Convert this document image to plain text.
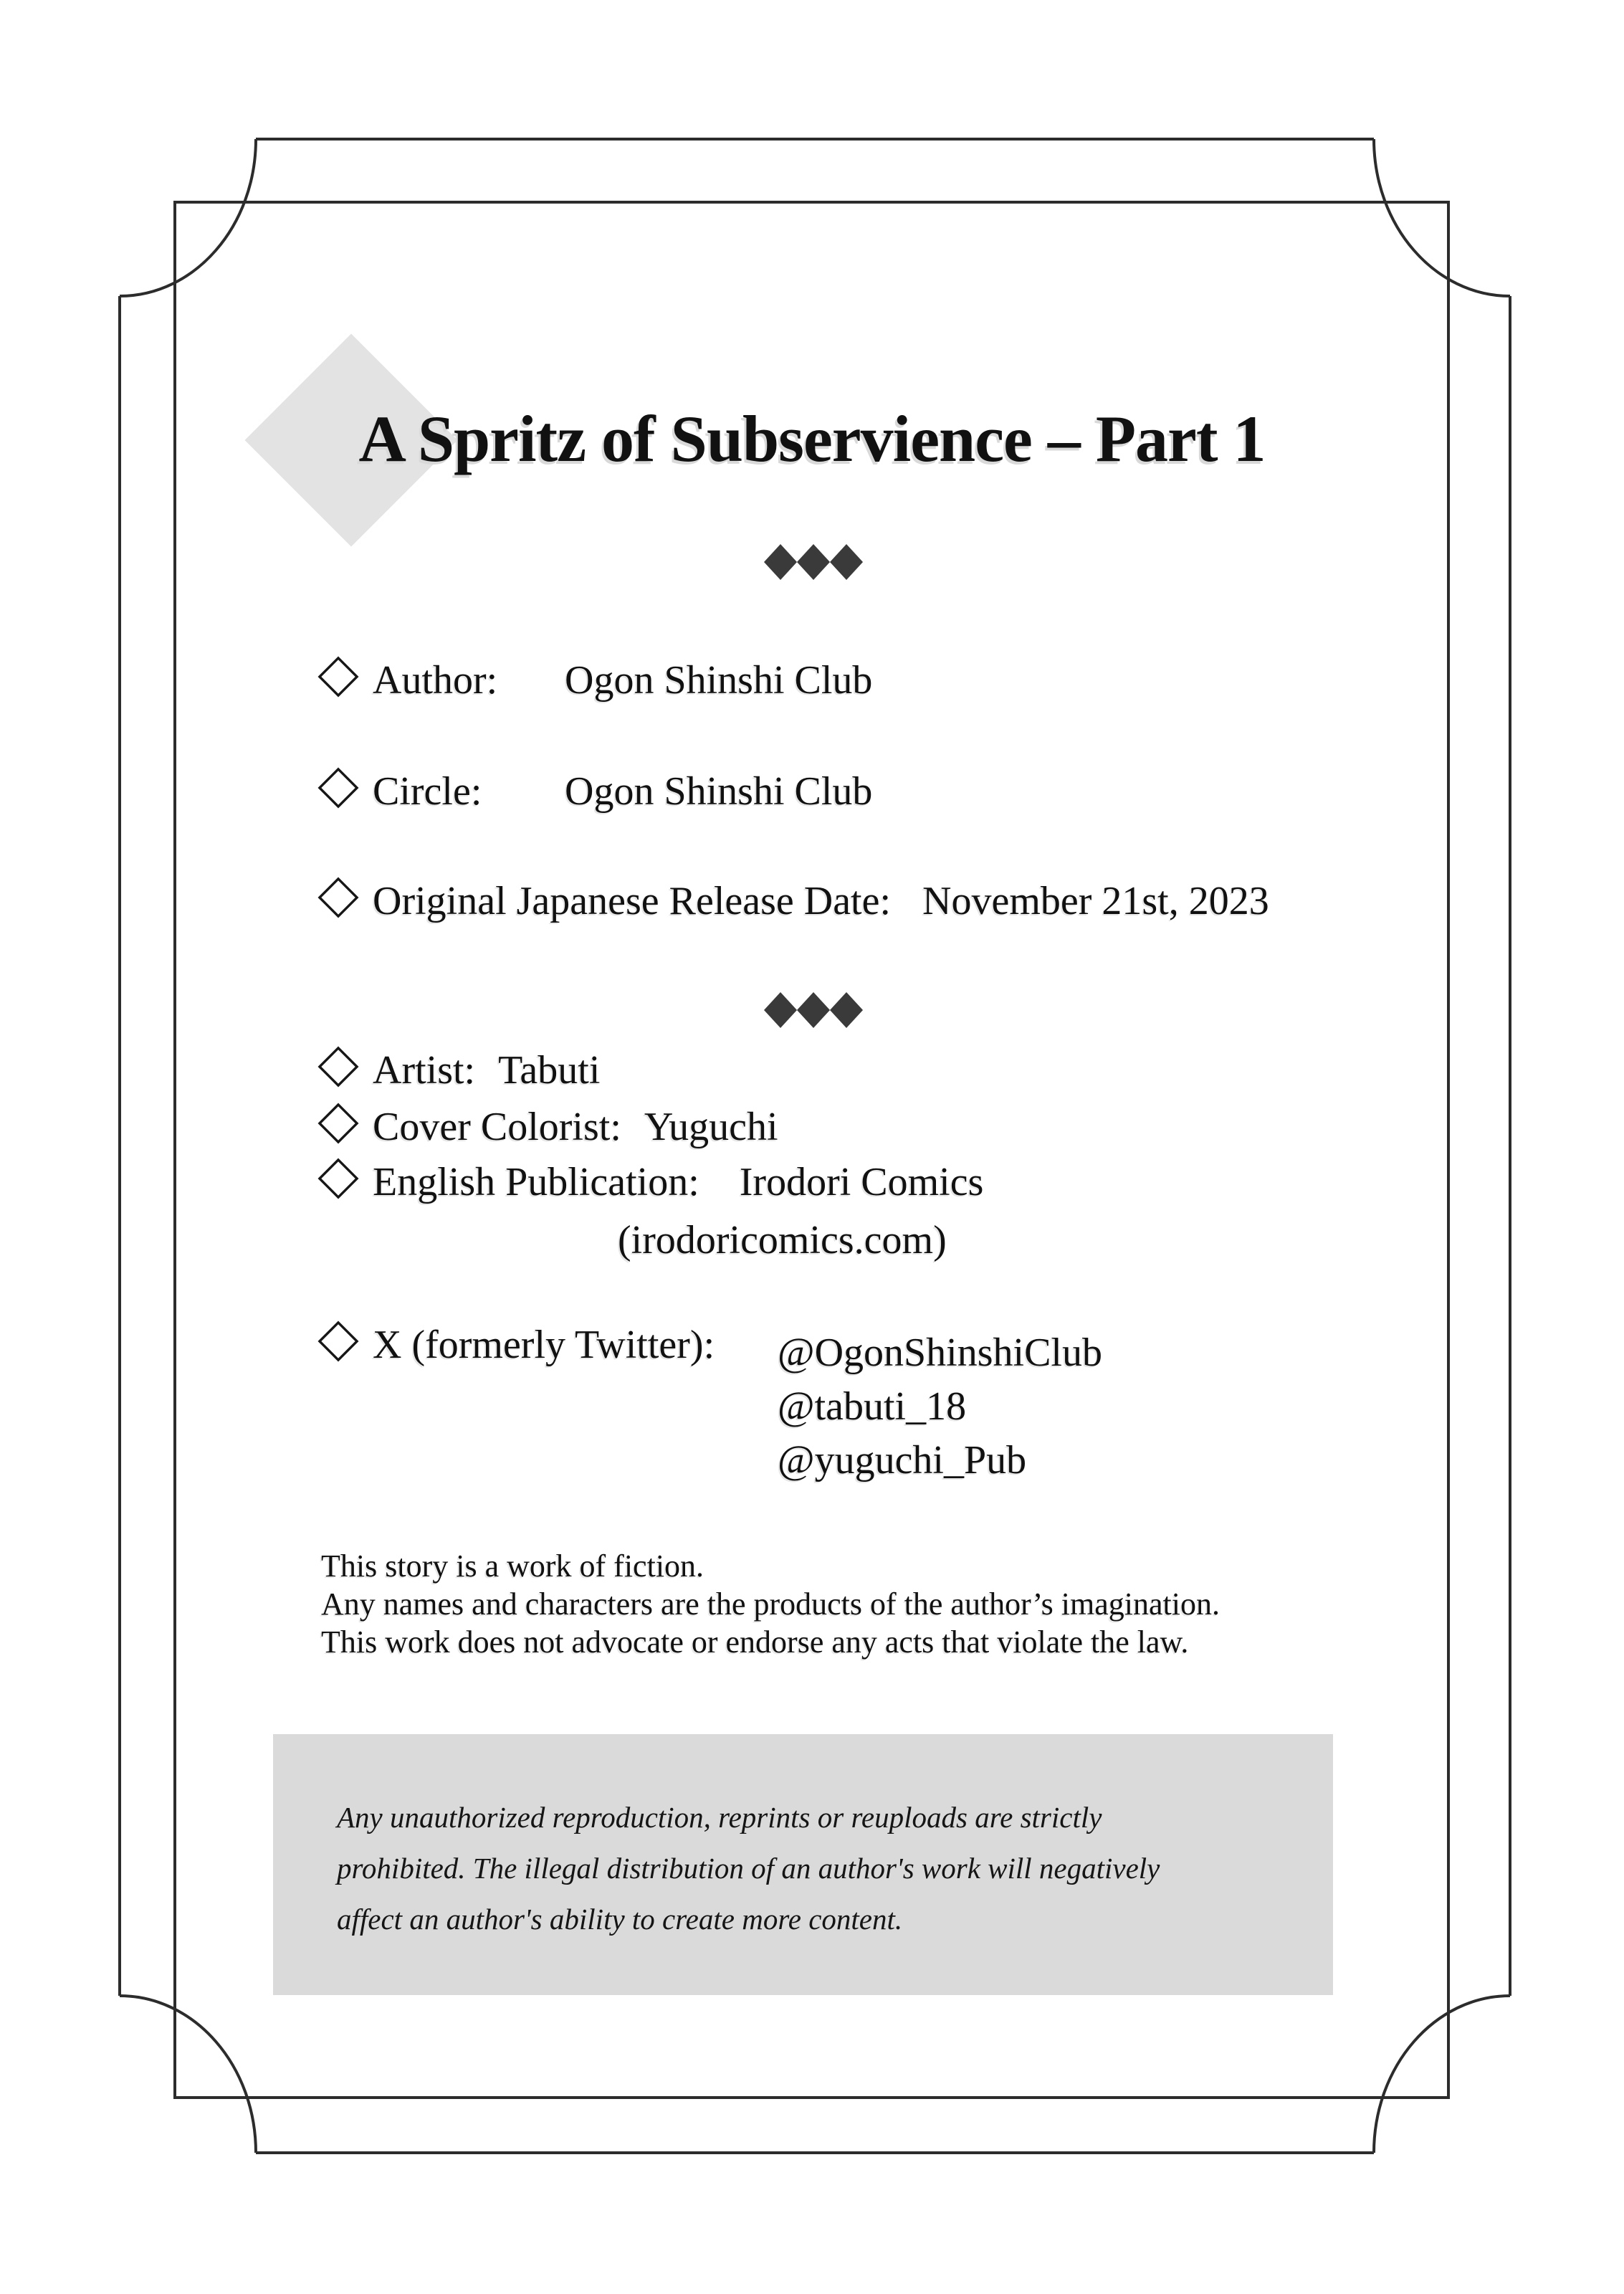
A Spritz of Subservience – Part 1
Author: Ogon Shinshi Club
Circle: Ogon Shinshi Club
Original Japanese Release Date: November 21st, 2023
Artist: Tabuti
Cover Colorist: Yuguchi
English Publication: Irodori Comics
(irodoricomics.com)
X (formerly Twitter): @OgonShinshiClub
@tabuti_18
@yuguchi_Pub
This story is a work of fiction.
Any names and characters are the products of the author’s imagination.
This work does not advocate or endorse any acts that violate the law.
Any unauthorized reproduction, reprints or reuploads are strictly
prohibited. The illegal distribution of an author's work will negatively
affect an author's ability to create more content.
